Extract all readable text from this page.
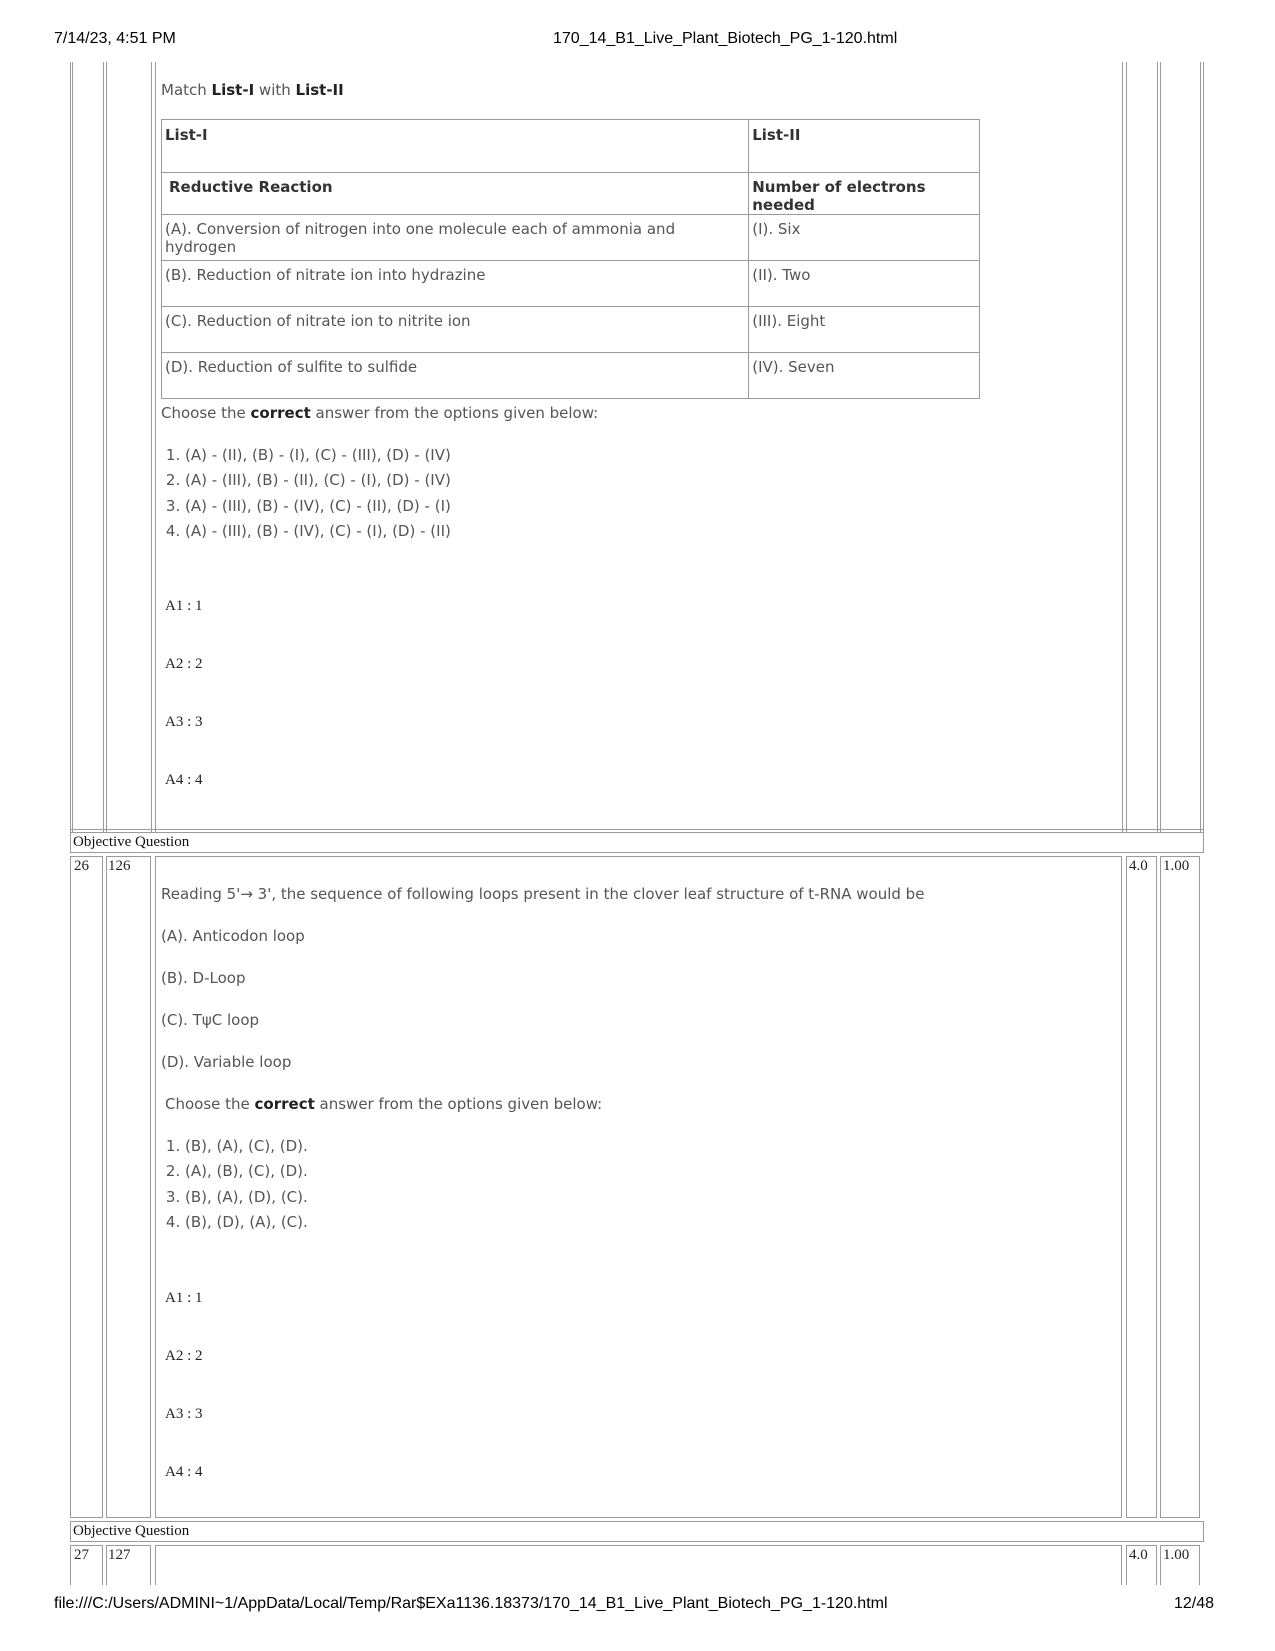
7/14/23, 4:51 PM	170_14_B1_Live_Plant_Biotech_PG_1-120.html
Match List-I with List-II
List-I	List-II
Reductive Reaction	Number of electrons needed
(A). Conversion of nitrogen into one molecule each of ammonia and hydrogen	(I). Six
(B). Reduction of nitrate ion into hydrazine	(II). Two
(C). Reduction of nitrate ion to nitrite ion	(III). Eight
(D). Reduction of sulfite to sulfide	(IV). Seven
Choose the correct answer from the options given below:
1. (A) - (II), (B) - (I), (C) - (III), (D) - (IV)
2. (A) - (III), (B) - (II), (C) - (I), (D) - (IV)
3. (A) - (III), (B) - (IV), (C) - (II), (D) - (I)
4. (A) - (III), (B) - (IV), (C) - (I), (D) - (II)
A1 : 1
A2 : 2
A3 : 3
A4 : 4
Objective Question
26 126	4.0 1.00
Reading 5'→ 3', the sequence of following loops present in the clover leaf structure of t-RNA would be
(A). Anticodon loop
(B). D-Loop
(C). TψC loop
(D). Variable loop
Choose the correct answer from the options given below:
1. (B), (A), (C), (D).
2. (A), (B), (C), (D).
3. (B), (A), (D), (C).
4. (B), (D), (A), (C).
A1 : 1
A2 : 2
A3 : 3
A4 : 4
Objective Question
27 127	4.0 1.00
file:///C:/Users/ADMINI~1/AppData/Local/Temp/Rar$EXa1136.18373/170_14_B1_Live_Plant_Biotech_PG_1-120.html	12/48
